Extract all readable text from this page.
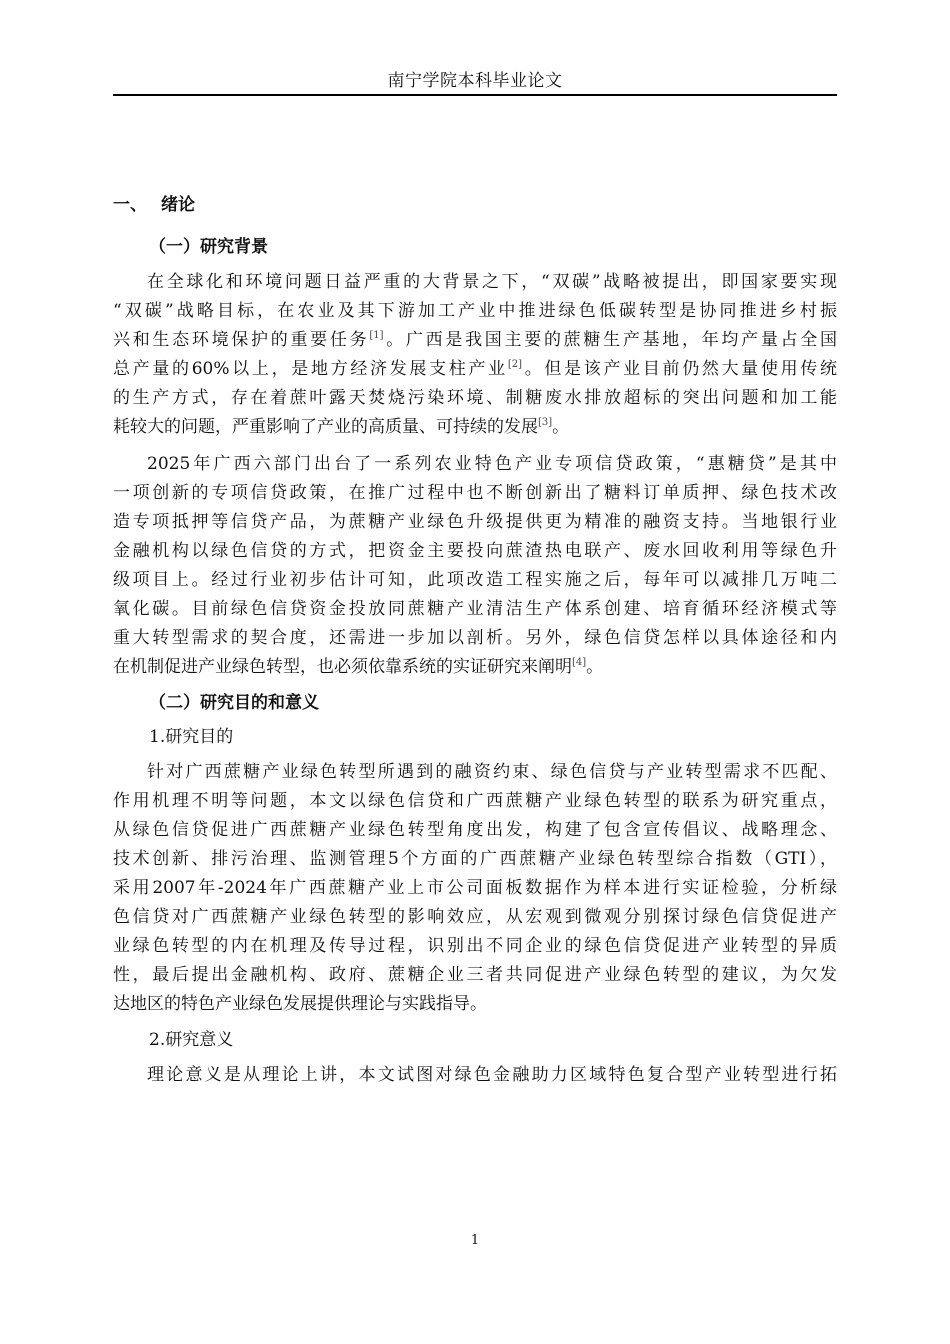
南宁学院本科毕业论文
一、 绪论
（一）研究背景
在全球化和环境问题日益严重的大背景之下，“双碳”战略被提出，即国家要实现
“双碳”战略目标，在农业及其下游加工产业中推进绿色低碳转型是协同推进乡村振
兴和生态环境保护的重要任务[1]。广西是我国主要的蔗糖生产基地，年均产量占全国
总产量的60%以上，是地方经济发展支柱产业[2]。但是该产业目前仍然大量使用传统
的生产方式，存在着蔗叶露天焚烧污染环境、制糖废水排放超标的突出问题和加工能
耗较大的问题，严重影响了产业的高质量、可持续的发展[3]。
2025年广西六部门出台了一系列农业特色产业专项信贷政策，“惠糖贷”是其中
一项创新的专项信贷政策，在推广过程中也不断创新出了糖料订单质押、绿色技术改
造专项抵押等信贷产品，为蔗糖产业绿色升级提供更为精准的融资支持。当地银行业
金融机构以绿色信贷的方式，把资金主要投向蔗渣热电联产、废水回收利用等绿色升
级项目上。经过行业初步估计可知，此项改造工程实施之后，每年可以减排几万吨二
氧化碳。目前绿色信贷资金投放同蔗糖产业清洁生产体系创建、培育循环经济模式等
重大转型需求的契合度，还需进一步加以剖析。另外，绿色信贷怎样以具体途径和内
在机制促进产业绿色转型，也必须依靠系统的实证研究来阐明[4]。
（二）研究目的和意义
1.研究目的
针对广西蔗糖产业绿色转型所遇到的融资约束、绿色信贷与产业转型需求不匹配、
作用机理不明等问题，本文以绿色信贷和广西蔗糖产业绿色转型的联系为研究重点，
从绿色信贷促进广西蔗糖产业绿色转型角度出发，构建了包含宣传倡议、战略理念、
技术创新、排污治理、监测管理5个方面的广西蔗糖产业绿色转型综合指数（GTI），
采用2007年-2024年广西蔗糖产业上市公司面板数据作为样本进行实证检验，分析绿
色信贷对广西蔗糖产业绿色转型的影响效应，从宏观到微观分别探讨绿色信贷促进产
业绿色转型的内在机理及传导过程，识别出不同企业的绿色信贷促进产业转型的异质
性，最后提出金融机构、政府、蔗糖企业三者共同促进产业绿色转型的建议，为欠发
达地区的特色产业绿色发展提供理论与实践指导。
2.研究意义
理论意义是从理论上讲，本文试图对绿色金融助力区域特色复合型产业转型进行拓
1
